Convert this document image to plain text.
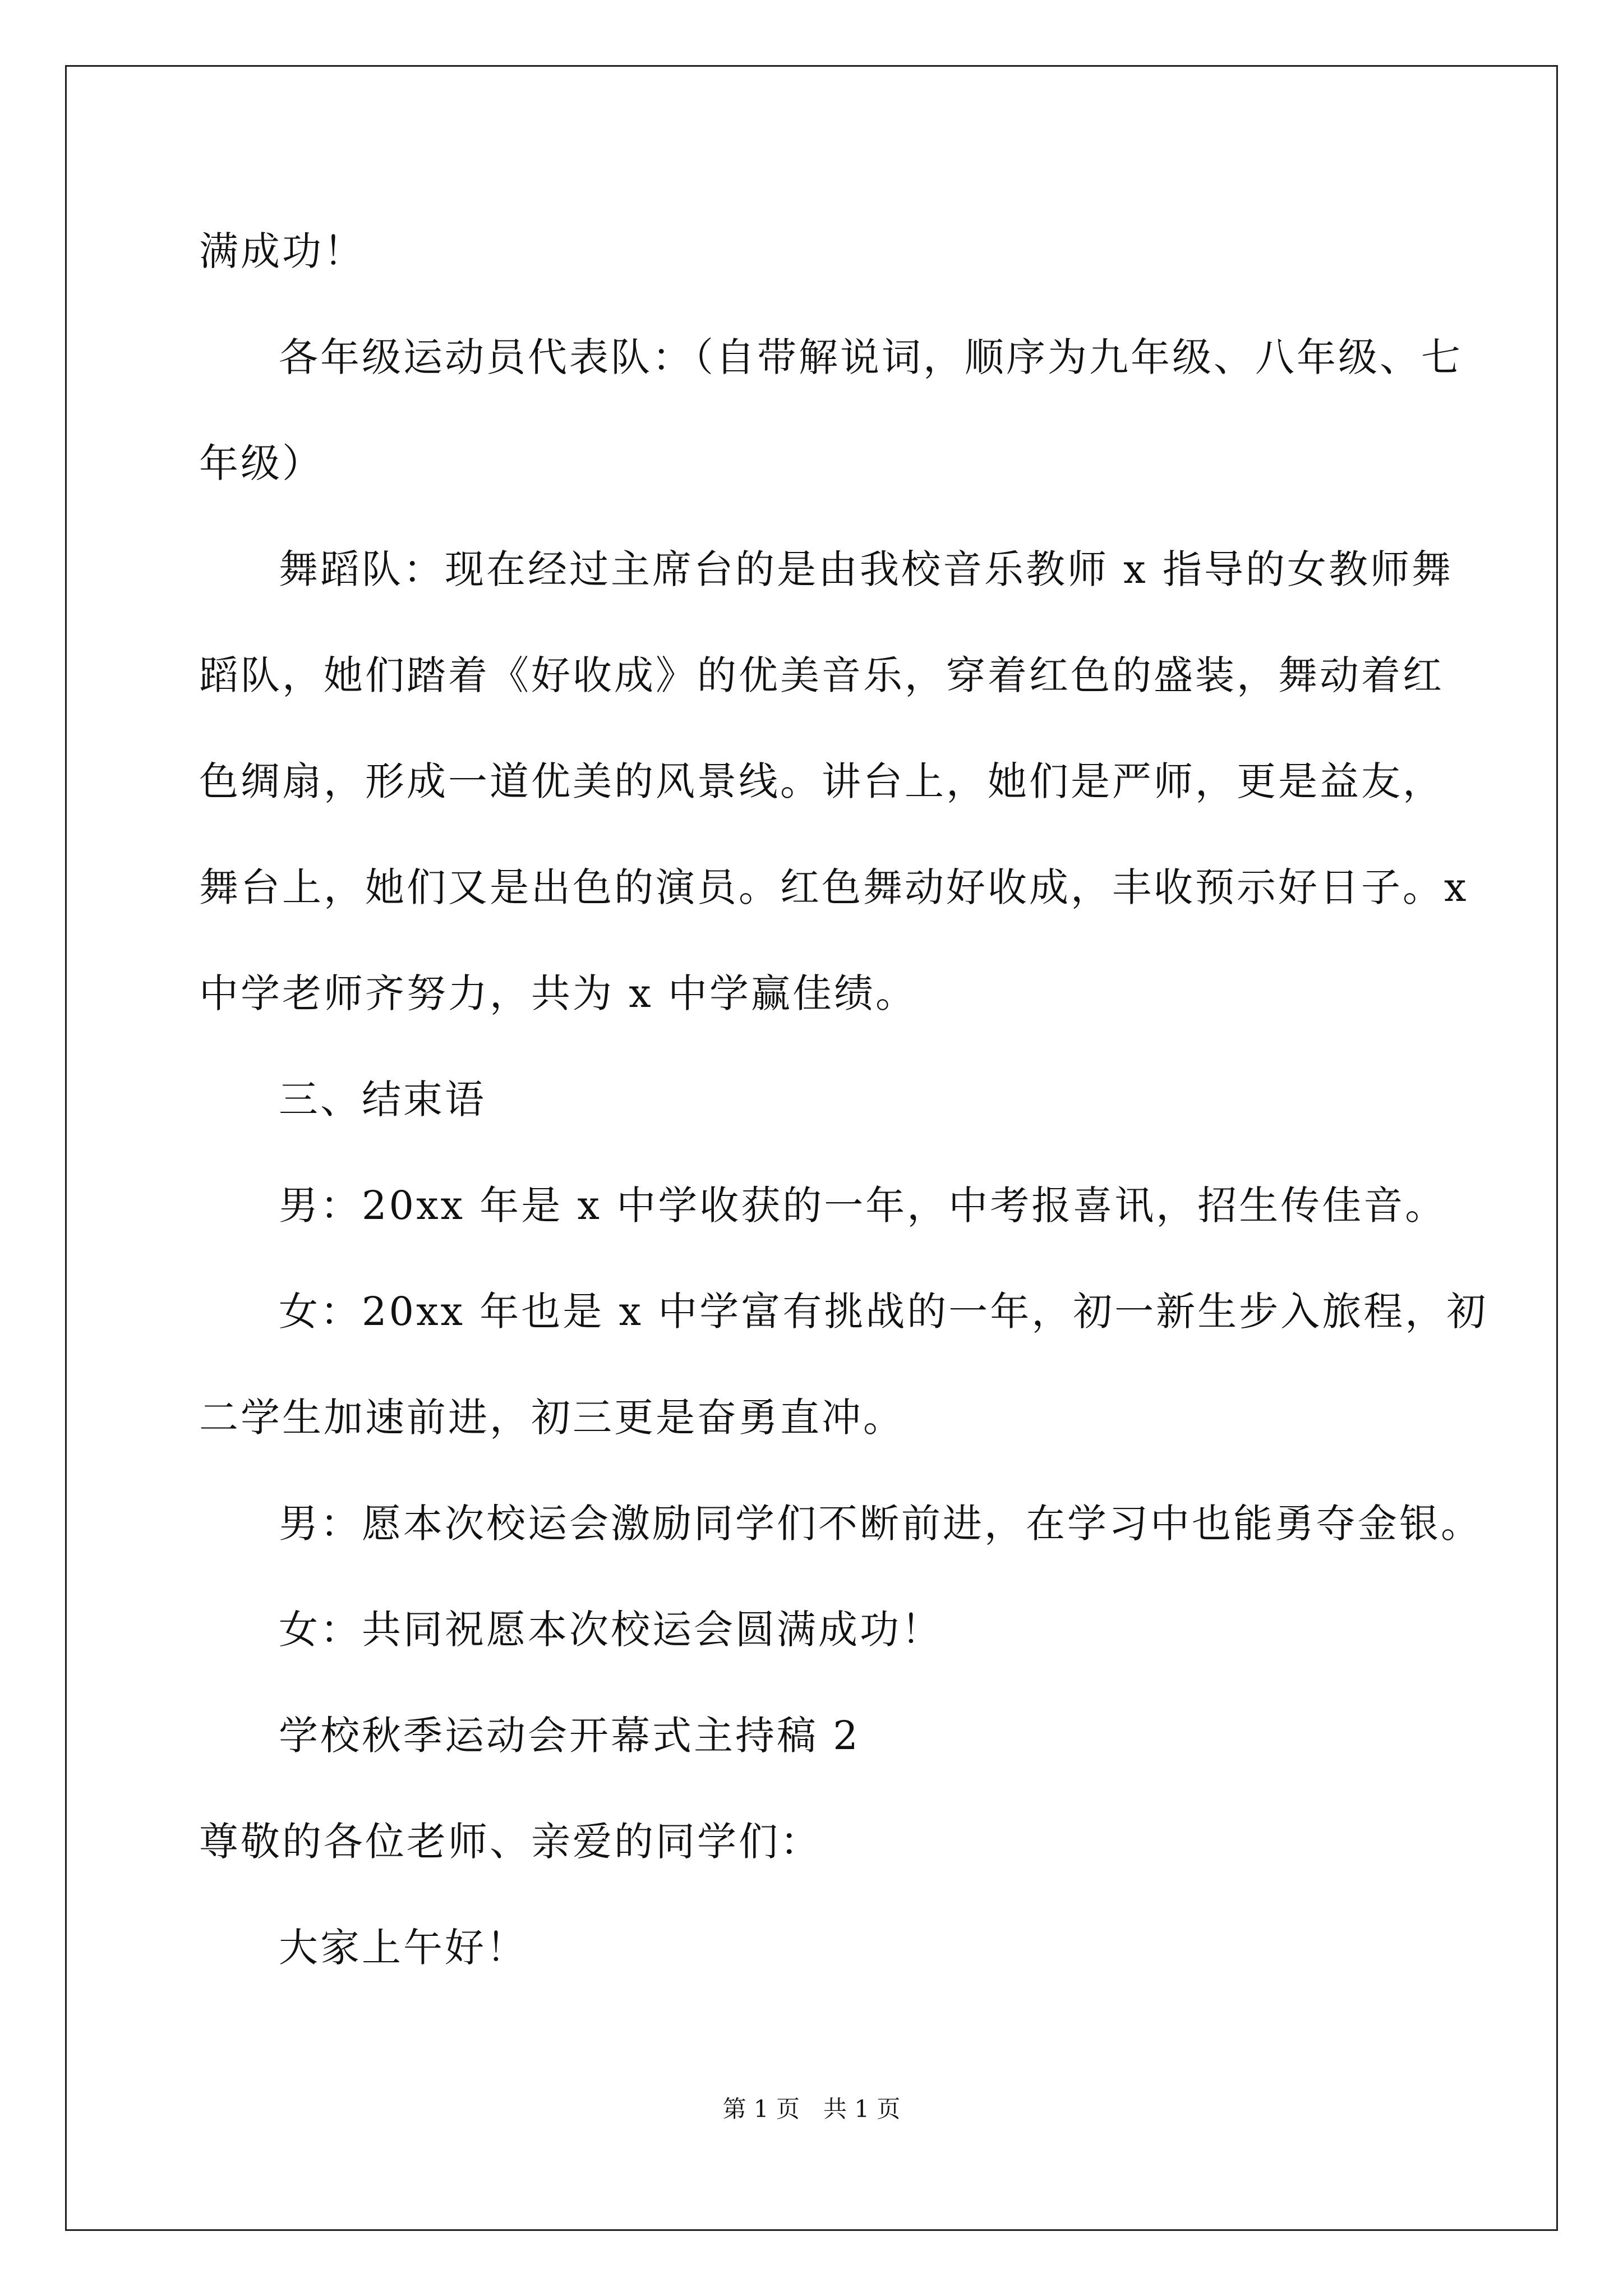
满成功！

各年级运动员代表队：（自带解说词，顺序为九年级、八年级、七

年级）

舞蹈队：现在经过主席台的是由我校音乐教师 x 指导的女教师舞

蹈队，她们踏着《好收成》的优美音乐，穿着红色的盛装，舞动着红

色绸扇，形成一道优美的风景线。讲台上，她们是严师，更是益友，

舞台上，她们又是出色的演员。红色舞动好收成，丰收预示好日子。x

中学老师齐努力，共为 x 中学赢佳绩。

三、结束语

男：20xx 年是 x 中学收获的一年，中考报喜讯，招生传佳音。

女：20xx 年也是 x 中学富有挑战的一年，初一新生步入旅程，初

二学生加速前进，初三更是奋勇直冲。

男：愿本次校运会激励同学们不断前进，在学习中也能勇夺金银。

女：共同祝愿本次校运会圆满成功！

学校秋季运动会开幕式主持稿 2

尊敬的各位老师、亲爱的同学们：

大家上午好！

第 1 页　共 1 页
